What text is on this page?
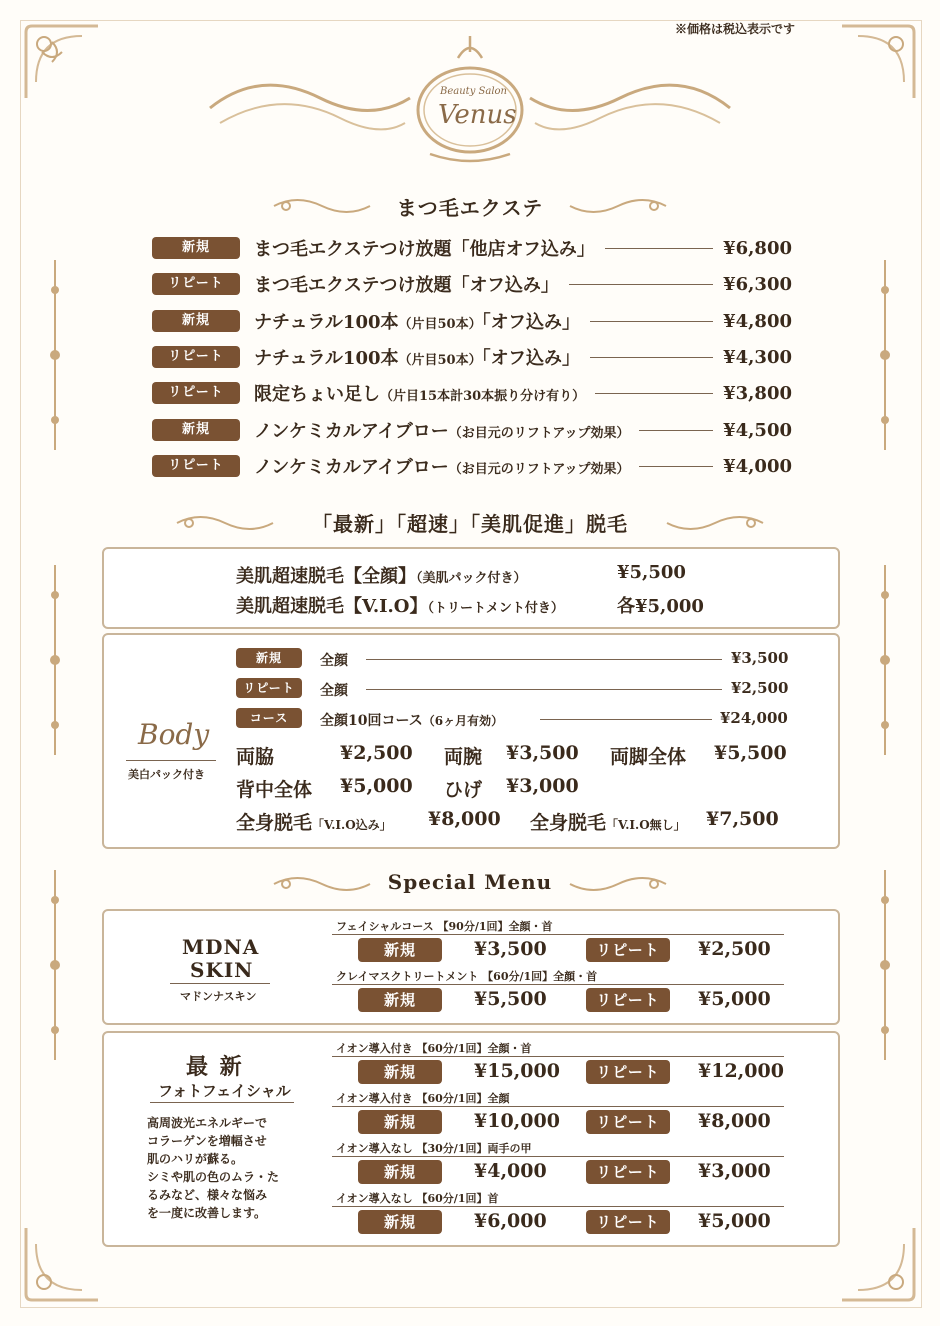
※価格は税込表示です
Beauty Salon
Venus
まつ毛エクステ
新規	まつ毛エクステつけ放題「他店オフ込み」	¥6,800
リピート	まつ毛エクステつけ放題「オフ込み」	¥6,300
新規	ナチュラル100本（片目50本）「オフ込み」	¥4,800
リピート	ナチュラル100本（片目50本）「オフ込み」	¥4,300
リピート	限定ちょい足し（片目15本計30本振り分け有り）	¥3,800
新規	ノンケミカルアイブロー（お目元のリフトアップ効果）	¥4,500
リピート	ノンケミカルアイブロー（お目元のリフトアップ効果）	¥4,000
「最新」「超速」「美肌促進」脱毛
美肌超速脱毛【全顔】（美肌パック付き）	¥5,500
美肌超速脱毛【V.I.O】（トリートメント付き）	各¥5,000
Body
美白パック付き
新規	全顔	¥3,500
リピート	全顔	¥2,500
コース	全顔10回コース（6ヶ月有効）	¥24,000
両脇	¥2,500 両腕 ¥3,500 両脚全体 ¥5,500
背中全体 ¥5,000 ひげ ¥3,000
全身脱毛「V.I.O込み」 ¥8,000 全身脱毛「V.I.O無し」 ¥7,500
Special Menu
MDNA
SKIN
マドンナスキン
フェイシャルコース 【90分/1回】全顔・首
新規	¥3,500	リピート	¥2,500
クレイマスクトリートメント 【60分/1回】全顔・首
新規	¥5,500	リピート	¥5,000
最 新
フォトフェイシャル
高周波光エネルギーで
コラーゲンを増幅させ
肌のハリが蘇る。
シミや肌の色のムラ・た
るみなど、様々な悩み
を一度に改善します。
イオン導入付き 【60分/1回】全顔・首
新規	¥15,000	リピート	¥12,000
イオン導入付き 【60分/1回】全顔
新規	¥10,000	リピート	¥8,000
イオン導入なし 【30分/1回】両手の甲
新規	¥4,000	リピート	¥3,000
イオン導入なし 【60分/1回】首
新規	¥6,000	リピート	¥5,000
